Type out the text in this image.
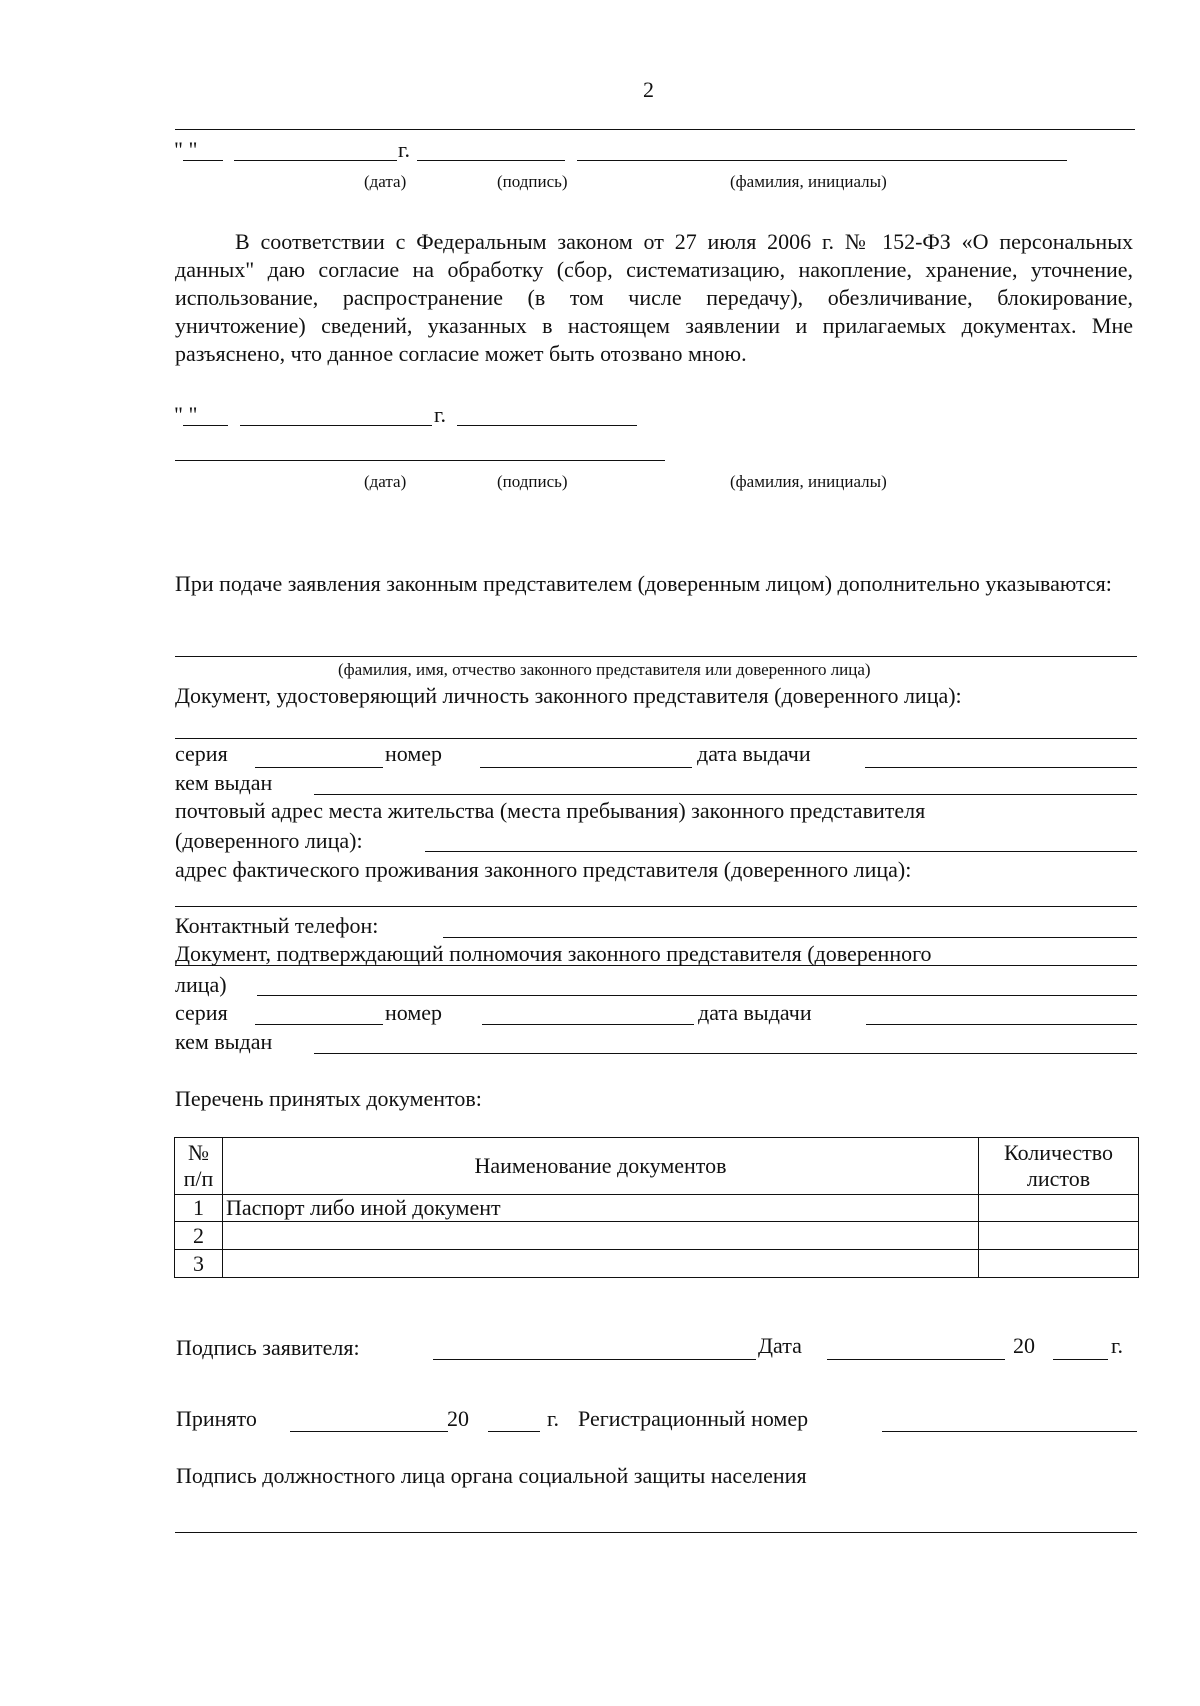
2
" "	г.
(дата)	(подпись)	(фамилия, инициалы)
В соответствии с Федеральным законом от 27 июля 2006 г. № 152-ФЗ «О персональных данных" даю согласие на обработку (сбор, систематизацию, накопление, хранение, уточнение, использование, распространение (в том числе передачу), обезличивание, блокирование, уничтожение) сведений, указанных в настоящем заявлении и прилагаемых документах. Мне разъяснено, что данное согласие может быть отозвано мною.
" "	г.
(дата)	(подпись)	(фамилия, инициалы)
При подаче заявления законным представителем (доверенным лицом) дополнительно указываются:
(фамилия, имя, отчество законного представителя или доверенного лица)
Документ, удостоверяющий личность законного представителя (доверенного лица):
серия	номер	дата выдачи
кем выдан
почтовый адрес места жительства (места пребывания) законного представителя
(доверенного лица):
адрес фактического проживания законного представителя (доверенного лица):
Контактный телефон:
Документ, подтверждающий полномочия законного представителя (доверенного
лица)
серия	номер	дата выдачи
кем выдан
Перечень принятых документов:
№ п/п	Наименование документов	Количество листов
1	Паспорт либо иной документ	
2		
3		
Подпись заявителя:	Дата	20	г.
Принято	20	г. Регистрационный номер
Подпись должностного лица органа социальной защиты населения
